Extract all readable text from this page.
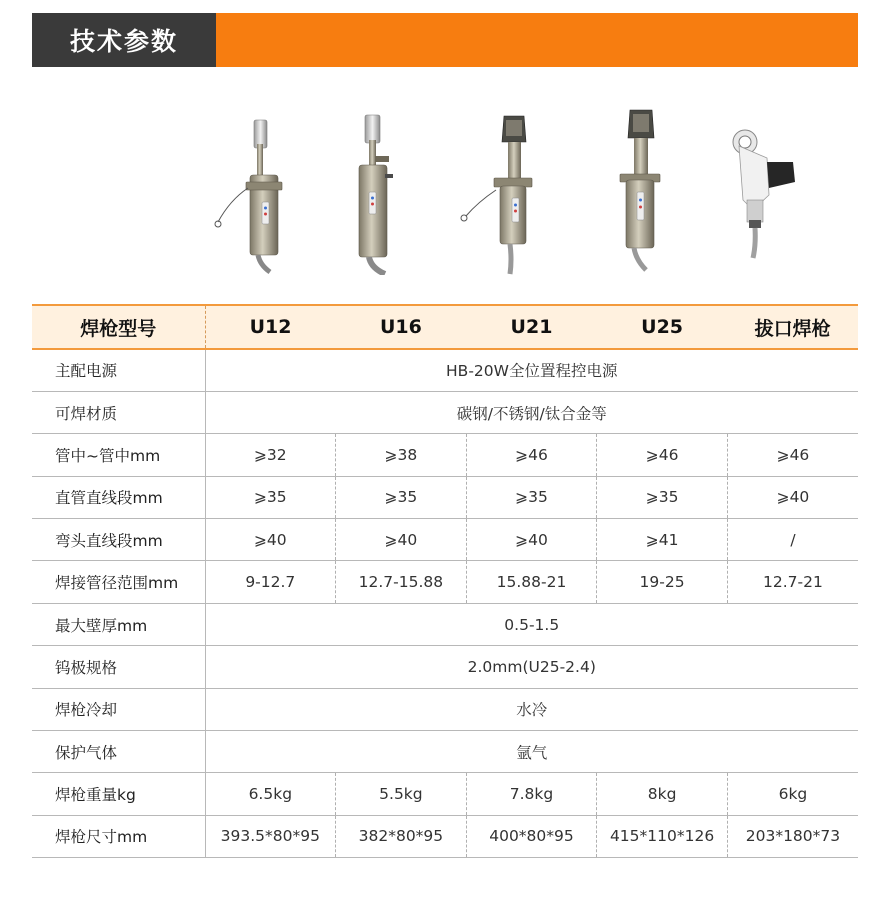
技术参数
焊枪型号	U12	U16	U21	U25	拔口焊枪
主配电源	HB-20W全位置程控电源				
可焊材质	碳钢/不锈钢/钛合金等				
管中~管中mm	⩾32	⩾38	⩾46	⩾46	⩾46
直管直线段mm	⩾35	⩾35	⩾35	⩾35	⩾40
弯头直线段mm	⩾40	⩾40	⩾40	⩾41	/
焊接管径范围mm	9-12.7	12.7-15.88	15.88-21	19-25	12.7-21
最大壁厚mm	0.5-1.5				
钨极规格	2.0mm(U25-2.4)				
焊枪冷却	水冷				
保护气体	氩气				
焊枪重量kg	6.5kg	5.5kg	7.8kg	8kg	6kg
焊枪尺寸mm	393.5*80*95	382*80*95	400*80*95	415*110*126	203*180*73
